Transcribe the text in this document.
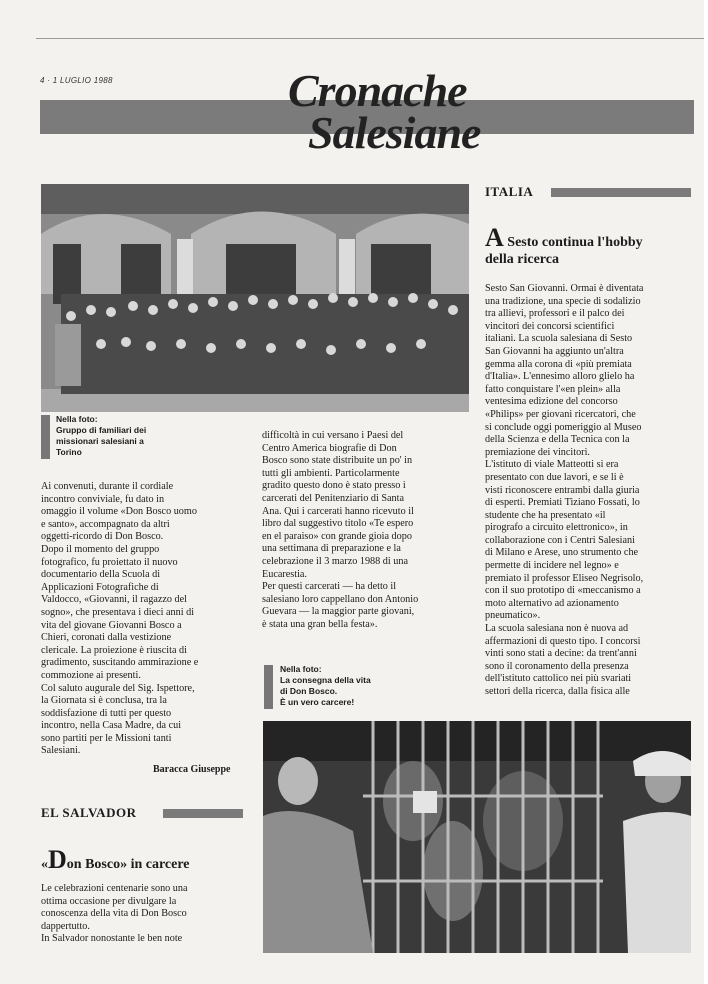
4 · 1 LUGLIO 1988	Cronache
Salesiane
Nella foto:
Gruppo di familiari dei
missionari salesiani a
Torino
Ai convenuti, durante il cordiale
incontro conviviale, fu dato in
omaggio il volume «Don Bosco uomo
e santo», accompagnato da altri
oggetti-ricordo di Don Bosco.
Dopo il momento del gruppo
fotografico, fu proiettato il nuovo
documentario della Scuola di
Applicazioni Fotografiche di
Valdocco, «Giovanni, il ragazzo del
sogno», che presentava i dieci anni di
vita del giovane Giovanni Bosco a
Chieri, coronati dalla vestizione
clericale. La proiezione è riuscita di
gradimento, suscitando ammirazione e
commozione ai presenti.
Col saluto augurale del Sig. Ispettore,
la Giornata si è conclusa, tra la
soddisfazione di tutti per questo
incontro, nella Casa Madre, da cui
sono partiti per le Missioni tanti
Salesiani.
Baracca Giuseppe
difficoltà in cui versano i Paesi del
Centro America biografie di Don
Bosco sono state distribuite un po' in
tutti gli ambienti. Particolarmente
gradito questo dono è stato presso i
carcerati del Penitenziario di Santa
Ana. Qui i carcerati hanno ricevuto il
libro dal suggestivo titolo «Te espero
en el paraiso» con grande gioia dopo
una settimana di preparazione e la
celebrazione il 3 marzo 1988 di una
Eucarestia.
Per questi carcerati — ha detto il
salesiano loro cappellano don Antonio
Guevara — la maggior parte giovani,
è stata una gran bella festa».
Nella foto:
La consegna della vita
di Don Bosco.
È un vero carcere!
EL SALVADOR
«Don Bosco» in carcere
Le celebrazioni centenarie sono una
ottima occasione per divulgare la
conoscenza della vita di Don Bosco
dappertutto.
In Salvador nonostante le ben note
ITALIA
A Sesto continua l'hobby
della ricerca
Sesto San Giovanni. Ormai è diventata
una tradizione, una specie di sodalizio
tra allievi, professori e il palco dei
vincitori dei concorsi scientifici
italiani. La scuola salesiana di Sesto
San Giovanni ha aggiunto un'altra
gemma alla corona di «più premiata
d'Italia». L'ennesimo alloro glielo ha
fatto conquistare l'«en plein» alla
ventesima edizione del concorso
«Philips» per giovani ricercatori, che
si conclude oggi pomeriggio al Museo
della Scienza e della Tecnica con la
premiazione dei vincitori.
L'istituto di viale Matteotti si era
presentato con due lavori, e se li è
visti riconoscere entrambi dalla giuria
di esperti. Premiati Tiziano Fossati, lo
studente che ha presentato «il
pirografo a circuito elettronico», in
collaborazione con i Centri Salesiani
di Milano e Arese, uno strumento che
permette di incidere nel legno» e
premiato il professor Eliseo Negrisolo,
con il suo prototipo di «meccanismo a
moto alternativo ad azionamento
pneumatico».
La scuola salesiana non è nuova ad
affermazioni di questo tipo. I concorsi
vinti sono stati a decine: da trent'anni
sono il coronamento della presenza
dell'istituto cattolico nei più svariati
settori della ricerca, dalla fisica alle
